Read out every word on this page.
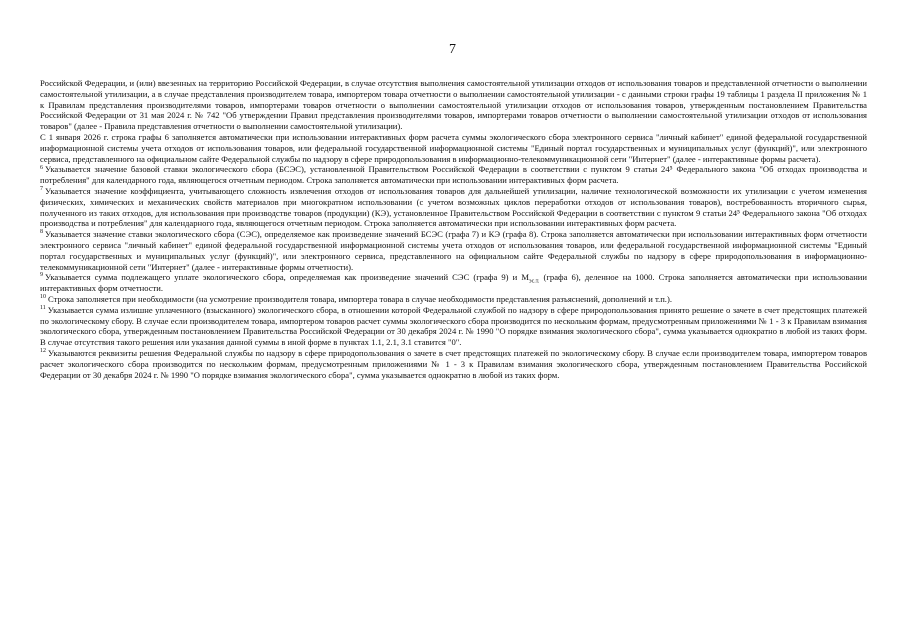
7

Российской Федерации, и (или) ввезенных на территорию Российской Федерации, в случае отсутствия выполнения самостоятельной утилизации отходов от использования товаров и представленной отчетности о выполнении самостоятельной утилизации, а в случае представления производителем товара, импортером товара отчетности о выполнении самостоятельной утилизации - с данными строки графы 19 таблицы 1 раздела II приложения № 1 к Правилам представления производителями товаров, импортерами товаров отчетности о выполнении самостоятельной утилизации отходов от использования товаров, утвержденным постановлением Правительства Российской Федерации от 31 мая 2024 г. № 742 "Об утверждении Правил представления производителями товаров, импортерами товаров отчетности о выполнении самостоятельной утилизации отходов от использования товаров" (далее - Правила представления отчетности о выполнении самостоятельной утилизации).

С 1 января 2026 г. строка графы 6 заполняется автоматически при использовании интерактивных форм расчета суммы экологического сбора электронного сервиса "личный кабинет" единой федеральной государственной информационной системы учета отходов от использования товаров, или федеральной государственной информационной системы "Единый портал государственных и муниципальных услуг (функций)", или электронного сервиса, представленного на официальном сайте Федеральной службы по надзору в сфере природопользования в информационно-телекоммуникационной сети "Интернет" (далее - интерактивные формы расчета).

$^6$ Указывается значение базовой ставки экологического сбора (БСЭС), установленной Правительством Российской Федерации в соответствии с пунктом 9 статьи 24⁵ Федерального закона "Об отходах производства и потребления" для календарного года, являющегося отчетным периодом. Строка заполняется автоматически при использовании интерактивных форм расчета.

$^7$ Указывается значение коэффициента, учитывающего сложность извлечения отходов от использования товаров для дальнейшей утилизации, наличие технологической возможности их утилизации с учетом изменения физических, химических и механических свойств материалов при многократном использовании (с учетом возможных циклов переработки отходов от использования товаров), востребованность вторичного сырья, полученного из таких отходов, для использования при производстве товаров (продукции) (КЭ), установленное Правительством Российской Федерации в соответствии с пунктом 9 статьи 24⁵ Федерального закона "Об отходах производства и потребления" для календарного года, являющегося отчетным периодом. Строка заполняется автоматически при использовании интерактивных форм расчета.

$^8$ Указывается значение ставки экологического сбора (СЭС), определяемое как произведение значений БСЭС (графа 7) и КЭ (графа 8). Строка заполняется автоматически при использовании интерактивных форм отчетности электронного сервиса "личный кабинет" единой федеральной государственной информационной системы учета отходов от использования товаров, или федеральной государственной информационной системы "Единый портал государственных и муниципальных услуг (функций)", или электронного сервиса, представленного на официальном сайте Федеральной службы по надзору в сфере природопользования в информационно-телекоммуникационной сети "Интернет" (далее - интерактивные формы отчетности).

$^9$ Указывается сумма подлежащего уплате экологического сбора, определяемая как произведение значений СЭС (графа 9) и $М_{эс.т.}$ (графа 6), деленное на 1000. Строка заполняется автоматически при использовании интерактивных форм отчетности.

$^{10}$ Строка заполняется при необходимости (на усмотрение производителя товара, импортера товара в случае необходимости представления разъяснений, дополнений и т.п.).

$^{11}$ Указывается сумма излишне уплаченного (взысканного) экологического сбора, в отношении которой Федеральной службой по надзору в сфере природопользования принято решение о зачете в счет предстоящих платежей по экологическому сбору. В случае если производителем товара, импортером товаров расчет суммы экологического сбора производится по нескольким формам, предусмотренным приложениями № 1 - 3 к Правилам взимания экологического сбора, утвержденным постановлением Правительства Российской Федерации от 30 декабря 2024 г. № 1990 "О порядке взимания экологического сбора", сумма указывается однократно в любой из таких форм. В случае отсутствия такого решения или указания данной суммы в иной форме в пунктах 1.1, 2.1, 3.1 ставится "0".

$^{12}$ Указываются реквизиты решения Федеральной службы по надзору в сфере природопользования о зачете в счет предстоящих платежей по экологическому сбору. В случае если производителем товара, импортером товаров расчет экологического сбора производится по нескольким формам, предусмотренным приложениями № 1 - 3 к Правилам взимания экологического сбора, утвержденным постановлением Правительства Российской Федерации от 30 декабря 2024 г. № 1990 "О порядке взимания экологического сбора", сумма указывается однократно в любой из таких форм.
